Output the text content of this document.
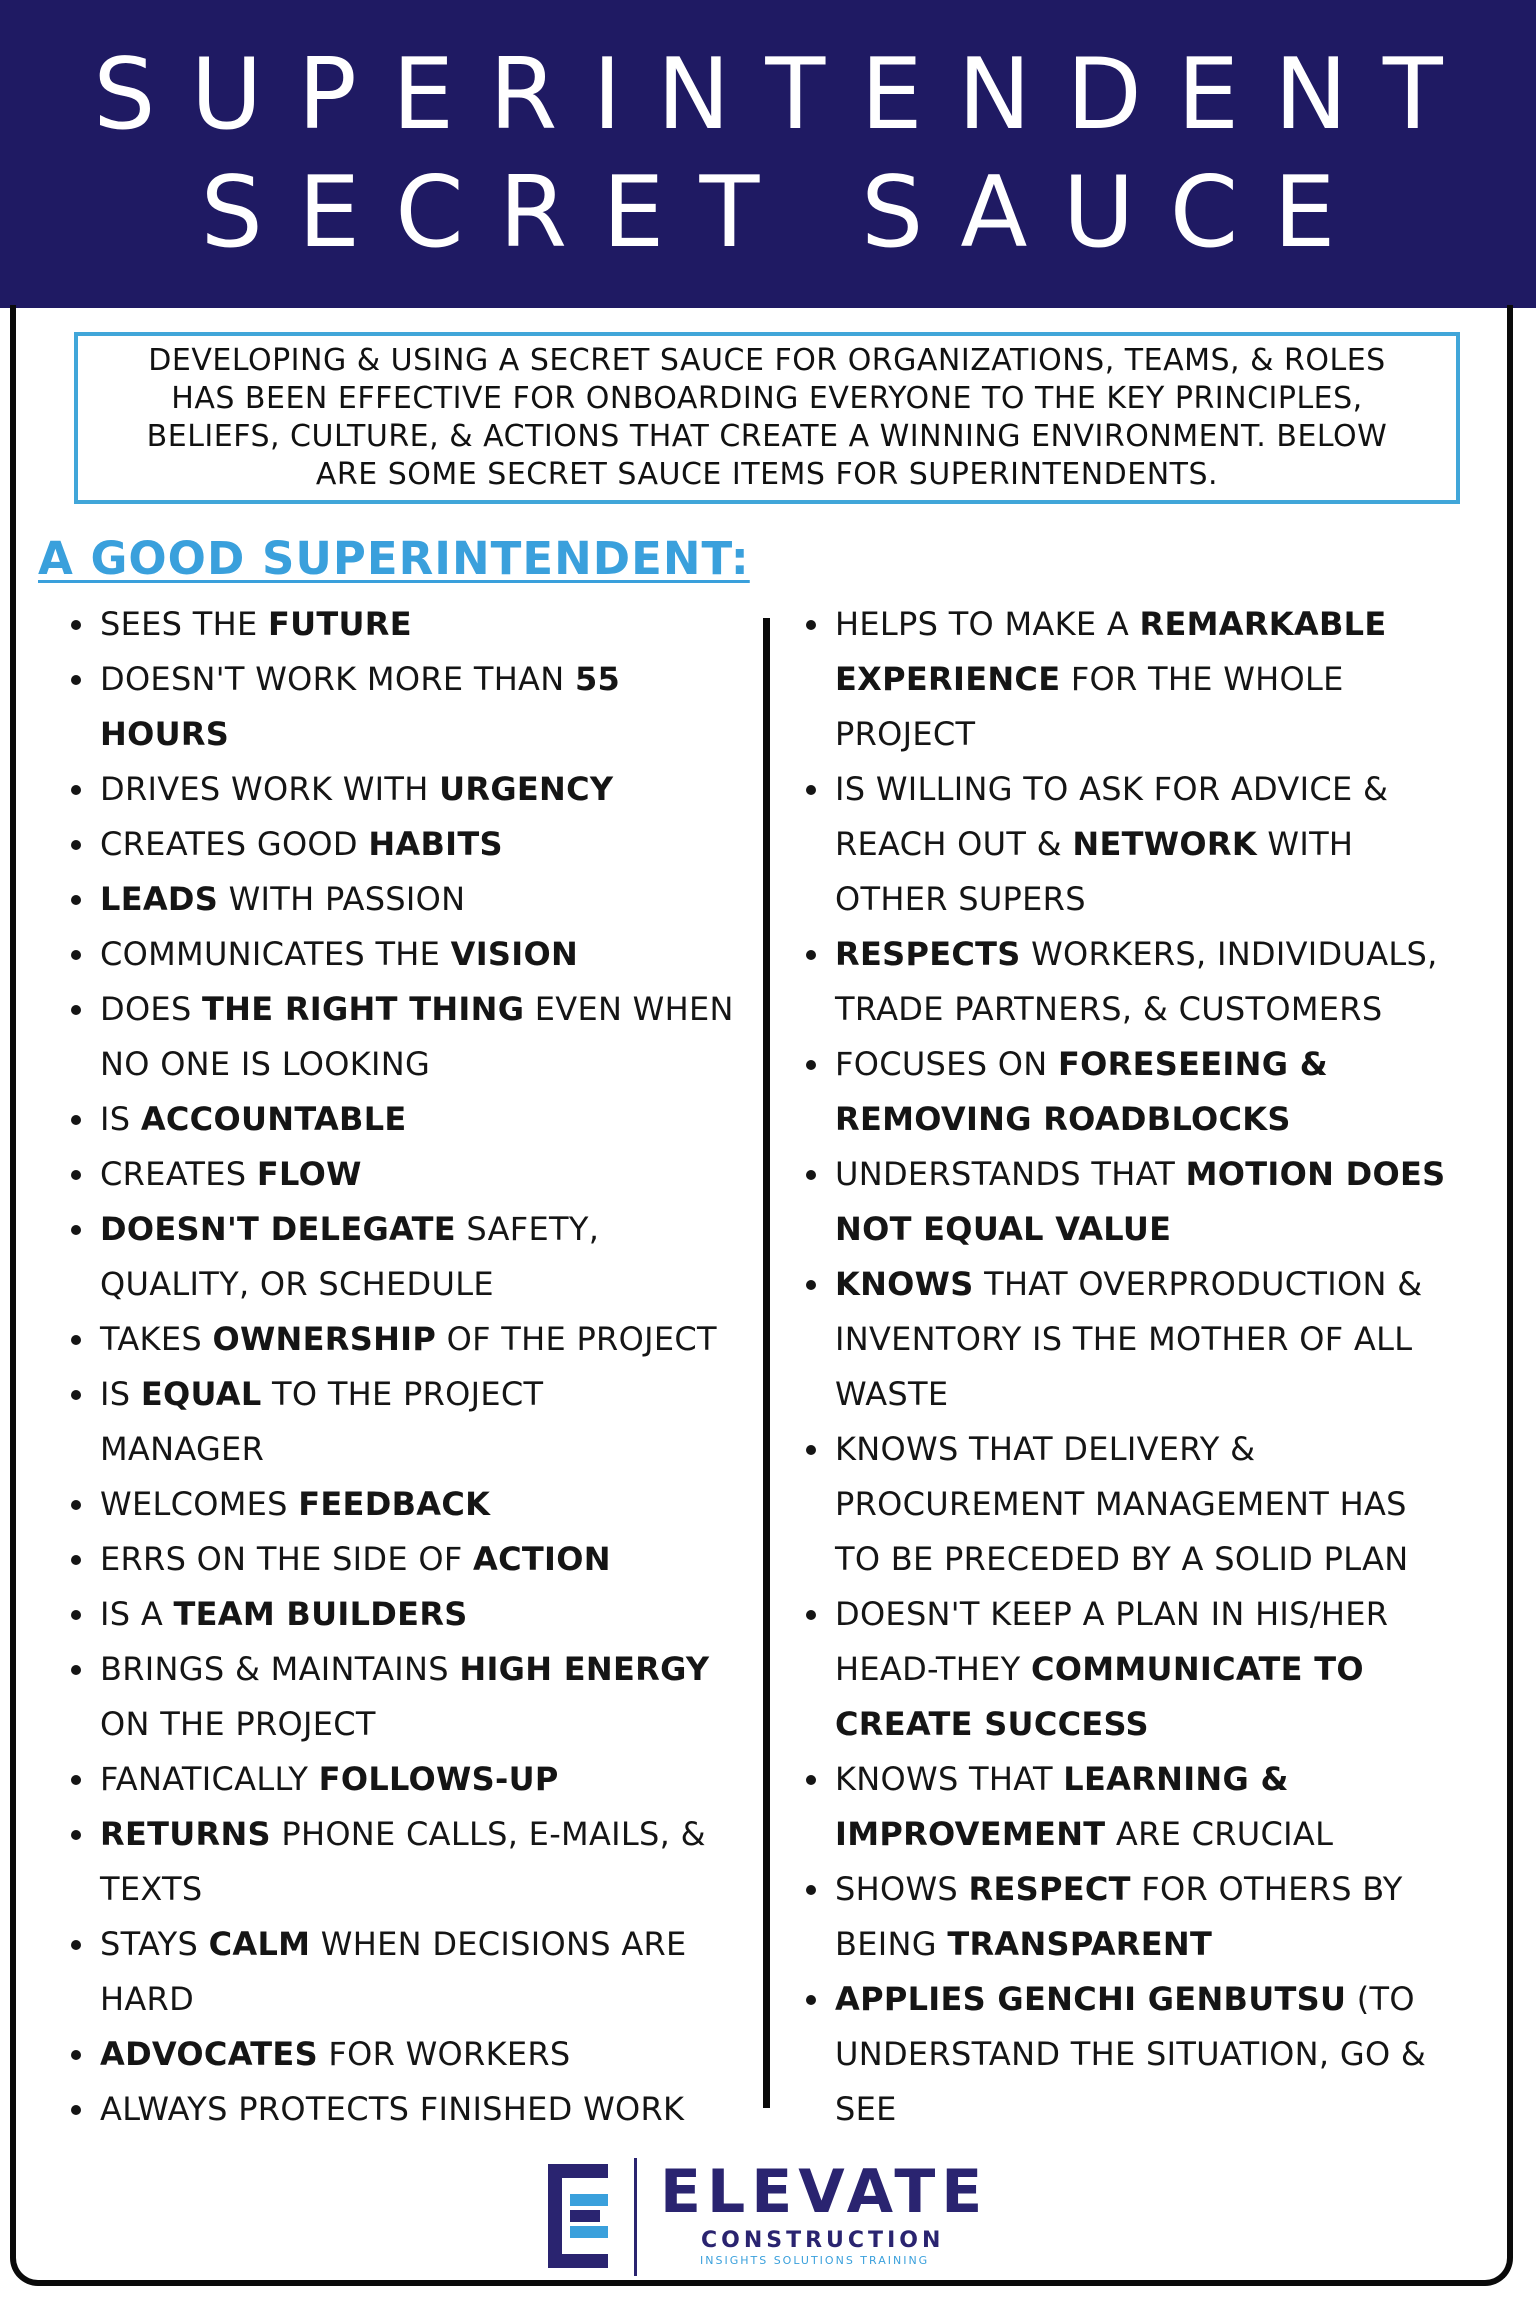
SUPERINTENDENT
SECRET SAUCE

DEVELOPING & USING A SECRET SAUCE FOR ORGANIZATIONS, TEAMS, & ROLES
HAS BEEN EFFECTIVE FOR ONBOARDING EVERYONE TO THE KEY PRINCIPLES,
BELIEFS, CULTURE, & ACTIONS THAT CREATE A WINNING ENVIRONMENT. BELOW
ARE SOME SECRET SAUCE ITEMS FOR SUPERINTENDENTS.

A GOOD SUPERINTENDENT:
SEES THE FUTURE
DOESN'T WORK MORE THAN 55
HOURS
DRIVES WORK WITH URGENCY
CREATES GOOD HABITS
LEADS WITH PASSION
COMMUNICATES THE VISION
DOES THE RIGHT THING EVEN WHEN
NO ONE IS LOOKING
IS ACCOUNTABLE
CREATES FLOW
DOESN'T DELEGATE SAFETY,
QUALITY, OR SCHEDULE
TAKES OWNERSHIP OF THE PROJECT
IS EQUAL TO THE PROJECT
MANAGER
WELCOMES FEEDBACK
ERRS ON THE SIDE OF ACTION
IS A TEAM BUILDERS
BRINGS & MAINTAINS HIGH ENERGY
ON THE PROJECT
FANATICALLY FOLLOWS-UP
RETURNS PHONE CALLS, E-MAILS, &
TEXTS
STAYS CALM WHEN DECISIONS ARE
HARD
ADVOCATES FOR WORKERS
ALWAYS PROTECTS FINISHED WORK
HELPS TO MAKE A REMARKABLE
EXPERIENCE FOR THE WHOLE
PROJECT
IS WILLING TO ASK FOR ADVICE &
REACH OUT & NETWORK WITH
OTHER SUPERS
RESPECTS WORKERS, INDIVIDUALS,
TRADE PARTNERS, & CUSTOMERS
FOCUSES ON FORESEEING &
REMOVING ROADBLOCKS
UNDERSTANDS THAT MOTION DOES
NOT EQUAL VALUE
KNOWS THAT OVERPRODUCTION &
INVENTORY IS THE MOTHER OF ALL
WASTE
KNOWS THAT DELIVERY &
PROCUREMENT MANAGEMENT HAS
TO BE PRECEDED BY A SOLID PLAN
DOESN'T KEEP A PLAN IN HIS/HER
HEAD-THEY COMMUNICATE TO
CREATE SUCCESS
KNOWS THAT LEARNING &
IMPROVEMENT ARE CRUCIAL
SHOWS RESPECT FOR OTHERS BY
BEING TRANSPARENT
APPLIES GENCHI GENBUTSU (TO
UNDERSTAND THE SITUATION, GO &
SEE
ELEVATE
CONSTRUCTION
INSIGHTS SOLUTIONS TRAINING
